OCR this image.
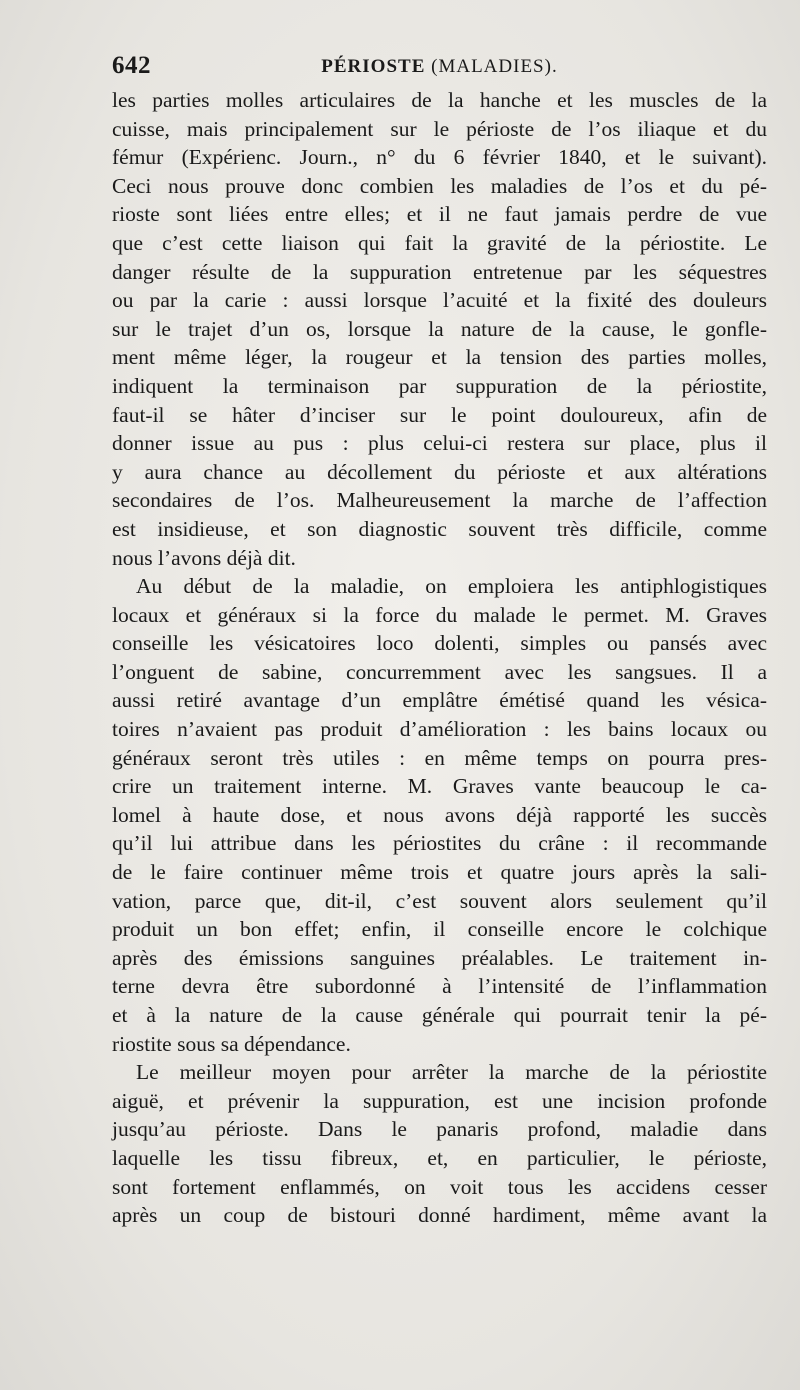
642	PÉRIOSTE (MALADIES).
les parties molles articulaires de la hanche et les muscles de la
cuisse, mais principalement sur le périoste de l’os iliaque et du
fémur (Expérienc. Journ., n° du 6 février 1840, et le suivant).
Ceci nous prouve donc combien les maladies de l’os et du pé-
rioste sont liées entre elles; et il ne faut jamais perdre de vue
que c’est cette liaison qui fait la gravité de la périostite. Le
danger résulte de la suppuration entretenue par les séquestres
ou par la carie : aussi lorsque l’acuité et la fixité des douleurs
sur le trajet d’un os, lorsque la nature de la cause, le gonfle-
ment même léger, la rougeur et la tension des parties molles,
indiquent la terminaison par suppuration de la périostite,
faut-il se hâter d’inciser sur le point douloureux, afin de
donner issue au pus : plus celui-ci restera sur place, plus il
y aura chance au décollement du périoste et aux altérations
secondaires de l’os. Malheureusement la marche de l’affection
est insidieuse, et son diagnostic souvent très difficile, comme
nous l’avons déjà dit.
Au début de la maladie, on emploiera les antiphlogistiques
locaux et généraux si la force du malade le permet. M. Graves
conseille les vésicatoires loco dolenti, simples ou pansés avec
l’onguent de sabine, concurremment avec les sangsues. Il a
aussi retiré avantage d’un emplâtre émétisé quand les vésica-
toires n’avaient pas produit d’amélioration : les bains locaux ou
généraux seront très utiles : en même temps on pourra pres-
crire un traitement interne. M. Graves vante beaucoup le ca-
lomel à haute dose, et nous avons déjà rapporté les succès
qu’il lui attribue dans les périostites du crâne : il recommande
de le faire continuer même trois et quatre jours après la sali-
vation, parce que, dit-il, c’est souvent alors seulement qu’il
produit un bon effet; enfin, il conseille encore le colchique
après des émissions sanguines préalables. Le traitement in-
terne devra être subordonné à l’intensité de l’inflammation
et à la nature de la cause générale qui pourrait tenir la pé-
riostite sous sa dépendance.
Le meilleur moyen pour arrêter la marche de la périostite
aiguë, et prévenir la suppuration, est une incision profonde
jusqu’au périoste. Dans le panaris profond, maladie dans
laquelle les tissu fibreux, et, en particulier, le périoste,
sont fortement enflammés, on voit tous les accidens cesser
après un coup de bistouri donné hardiment, même avant la
